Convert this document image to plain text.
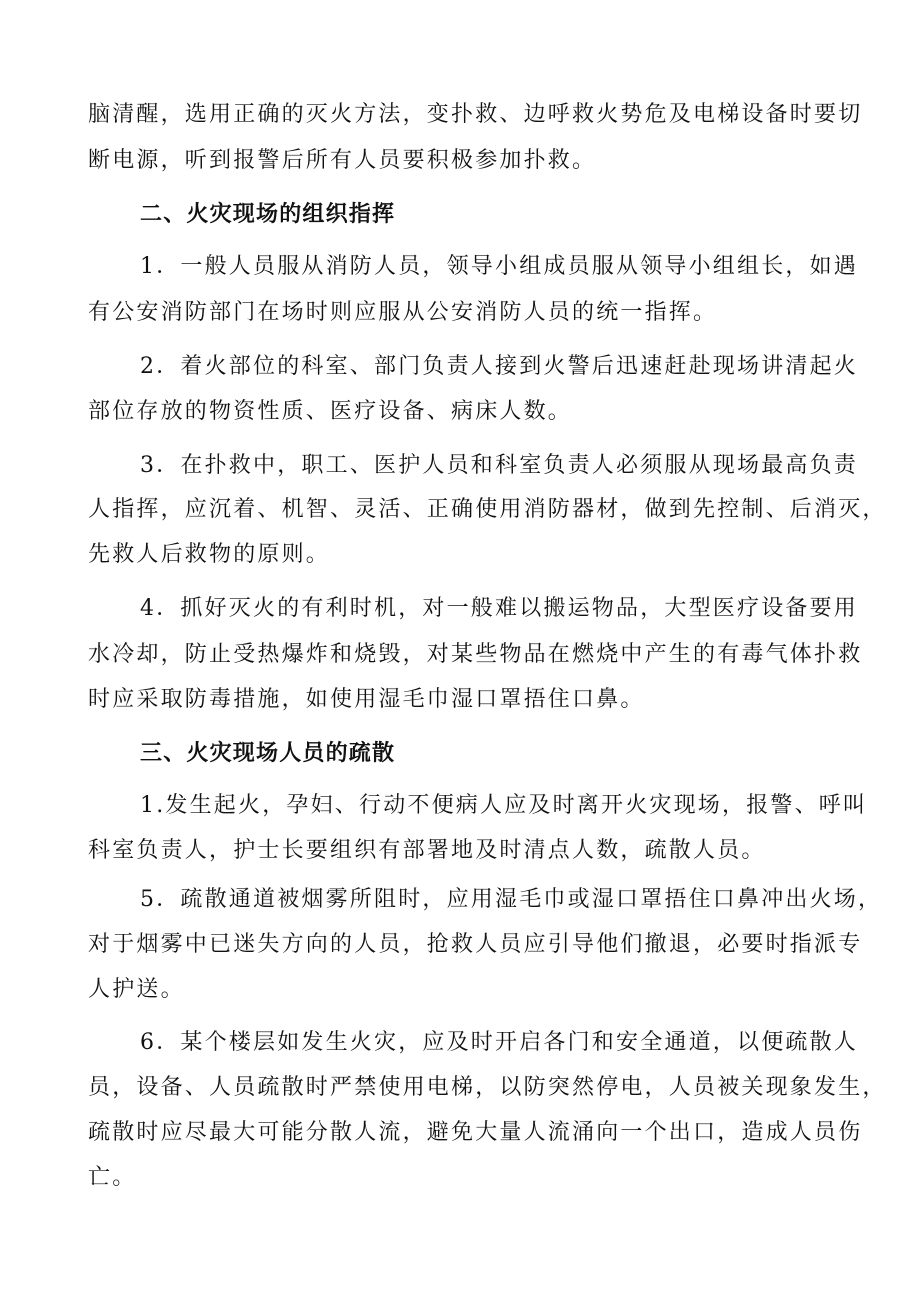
脑清醒，选用正确的灭火方法，变扑救、边呼救火势危及电梯设备时要切

断电源，听到报警后所有人员要积极参加扑救。

二、火灾现场的组织指挥

1．一般人员服从消防人员，领导小组成员服从领导小组组长，如遇

有公安消防部门在场时则应服从公安消防人员的统一指挥。

2．着火部位的科室、部门负责人接到火警后迅速赶赴现场讲清起火

部位存放的物资性质、医疗设备、病床人数。

3．在扑救中，职工、医护人员和科室负责人必须服从现场最高负责

人指挥，应沉着、机智、灵活、正确使用消防器材，做到先控制、后消灭，

先救人后救物的原则。

4．抓好灭火的有利时机，对一般难以搬运物品，大型医疗设备要用

水冷却，防止受热爆炸和烧毁，对某些物品在燃烧中产生的有毒气体扑救

时应采取防毒措施，如使用湿毛巾湿口罩捂住口鼻。

三、火灾现场人员的疏散

1.发生起火，孕妇、行动不便病人应及时离开火灾现场，报警、呼叫

科室负责人，护士长要组织有部署地及时清点人数，疏散人员。

5．疏散通道被烟雾所阻时，应用湿毛巾或湿口罩捂住口鼻冲出火场，

对于烟雾中已迷失方向的人员，抢救人员应引导他们撤退，必要时指派专

人护送。

6．某个楼层如发生火灾，应及时开启各门和安全通道，以便疏散人

员，设备、人员疏散时严禁使用电梯，以防突然停电，人员被关现象发生，

疏散时应尽最大可能分散人流，避免大量人流涌向一个出口，造成人员伤

亡。
